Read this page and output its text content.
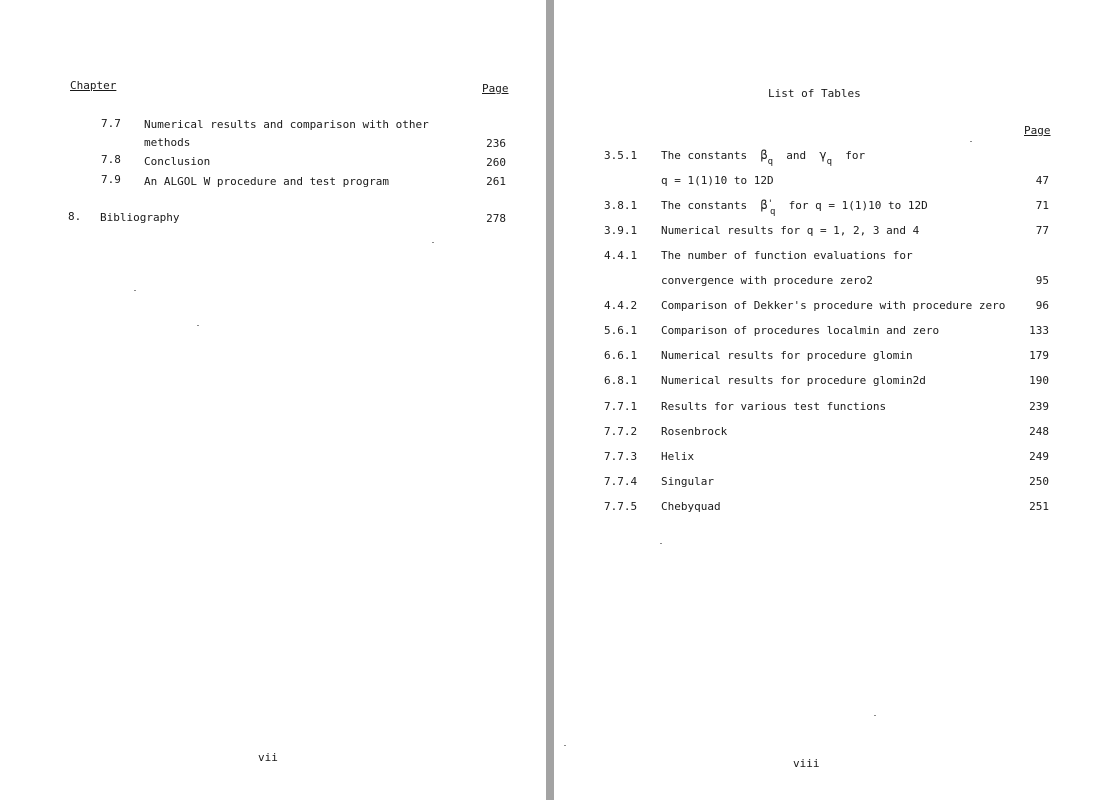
Chapter	Page
7.7 Numerical results and comparison with other
methods	236
7.8 Conclusion	260
7.9 An ALGOL W procedure and test program	261
8. Bibliography	278
vii
List of Tables
Page
3.5.1 The constants $\beta_q$ and $\gamma_q$ for
q = 1(1)10 to 12D	47
3.8.1 The constants $\beta'_q$ for q = 1(1)10 to 12D	71
3.9.1 Numerical results for q = 1, 2, 3 and 4	77
4.4.1 The number of function evaluations for
convergence with procedure zero2	95
4.4.2 Comparison of Dekker's procedure with procedure zero	96
5.6.1 Comparison of procedures localmin and zero	133
6.6.1 Numerical results for procedure glomin	179
6.8.1 Numerical results for procedure glomin2d	190
7.7.1 Results for various test functions	239
7.7.2 Rosenbrock	248
7.7.3 Helix	249
7.7.4 Singular	250
7.7.5 Chebyquad	251
viii
